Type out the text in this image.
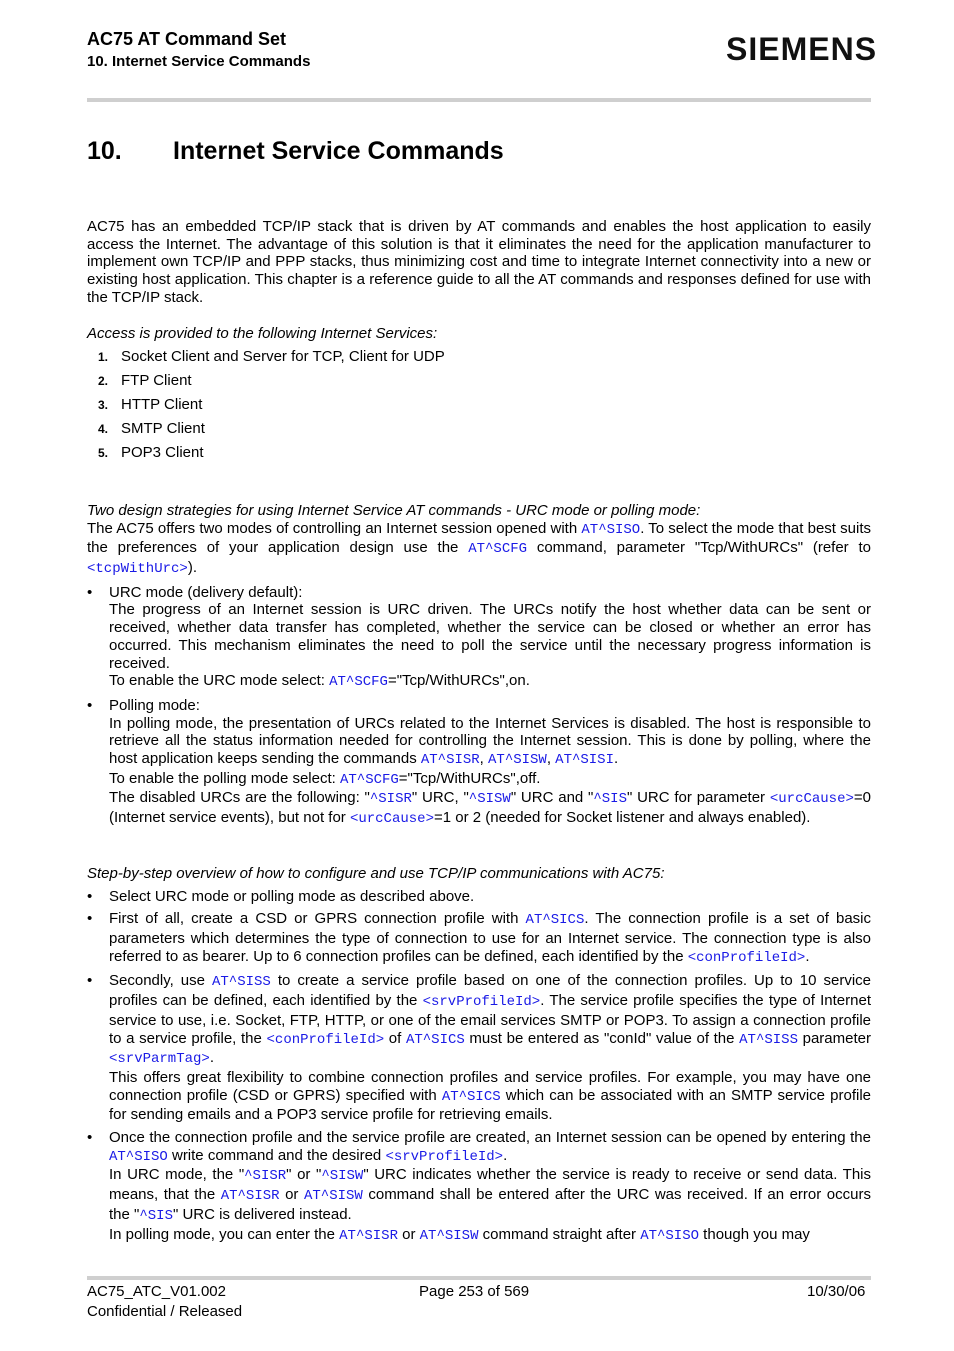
AC75 AT Command Set
10. Internet Service Commands	SIEMENS
10. Internet Service Commands

AC75 has an embedded TCP/IP stack that is driven by AT commands and enables the host application to easily access the Internet. The advantage of this solution is that it eliminates the need for the application manufacturer to implement own TCP/IP and PPP stacks, thus minimizing cost and time to integrate Internet connectivity into a new or existing host application. This chapter is a reference guide to all the AT commands and responses defined for use with the TCP/IP stack.

Access is provided to the following Internet Services:

1. Socket Client and Server for TCP, Client for UDP
2. FTP Client
3. HTTP Client
4. SMTP Client
5. POP3 Client

Two design strategies for using Internet Service AT commands - URC mode or polling mode:

The AC75 offers two modes of controlling an Internet session opened with AT^SISO. To select the mode that best suits the preferences of your application design use the AT^SCFG command, parameter "Tcp/WithURCs" (refer to <tcpWithUrc>).

• URC mode (delivery default):
The progress of an Internet session is URC driven. The URCs notify the host whether data can be sent or received, whether data transfer has completed, whether the service can be closed or whether an error has occurred. This mechanism eliminates the need to poll the service until the necessary progress information is received.
To enable the URC mode select: AT^SCFG="Tcp/WithURCs",on.
• Polling mode:
In polling mode, the presentation of URCs related to the Internet Services is disabled. The host is responsible to retrieve all the status information needed for controlling the Internet session. This is done by polling, where the host application keeps sending the commands AT^SISR, AT^SISW, AT^SISI.
To enable the polling mode select: AT^SCFG="Tcp/WithURCs",off.
The disabled URCs are the following: "^SISR" URC, "^SISW" URC and "^SIS" URC for parameter <urcCause>=0 (Internet service events), but not for <urcCause>=1 or 2 (needed for Socket listener and always enabled).

Step-by-step overview of how to configure and use TCP/IP communications with AC75:

• Select URC mode or polling mode as described above.
• First of all, create a CSD or GPRS connection profile with AT^SICS. The connection profile is a set of basic parameters which determines the type of connection to use for an Internet service. The connection type is also referred to as bearer. Up to 6 connection profiles can be defined, each identified by the <conProfileId>.
• Secondly, use AT^SISS to create a service profile based on one of the connection profiles. Up to 10 service profiles can be defined, each identified by the <srvProfileId>. The service profile specifies the type of Internet service to use, i.e. Socket, FTP, HTTP, or one of the email services SMTP or POP3. To assign a connection profile to a service profile, the <conProfileId> of AT^SICS must be entered as "conId" value of the AT^SISS parameter <srvParmTag>.
This offers great flexibility to combine connection profiles and service profiles. For example, you may have one connection profile (CSD or GPRS) specified with AT^SICS which can be associated with an SMTP service profile for sending emails and a POP3 service profile for retrieving emails.
• Once the connection profile and the service profile are created, an Internet session can be opened by entering the AT^SISO write command and the desired <srvProfileId>.
In URC mode, the "^SISR" or "^SISW" URC indicates whether the service is ready to receive or send data. This means, that the AT^SISR or AT^SISW command shall be entered after the URC was received. If an error occurs the "^SIS" URC is delivered instead.
In polling mode, you can enter the AT^SISR or AT^SISW command straight after AT^SISO though you may
AC75_ATC_V01.002
Confidential / Released
Page 253 of 569	10/30/06
